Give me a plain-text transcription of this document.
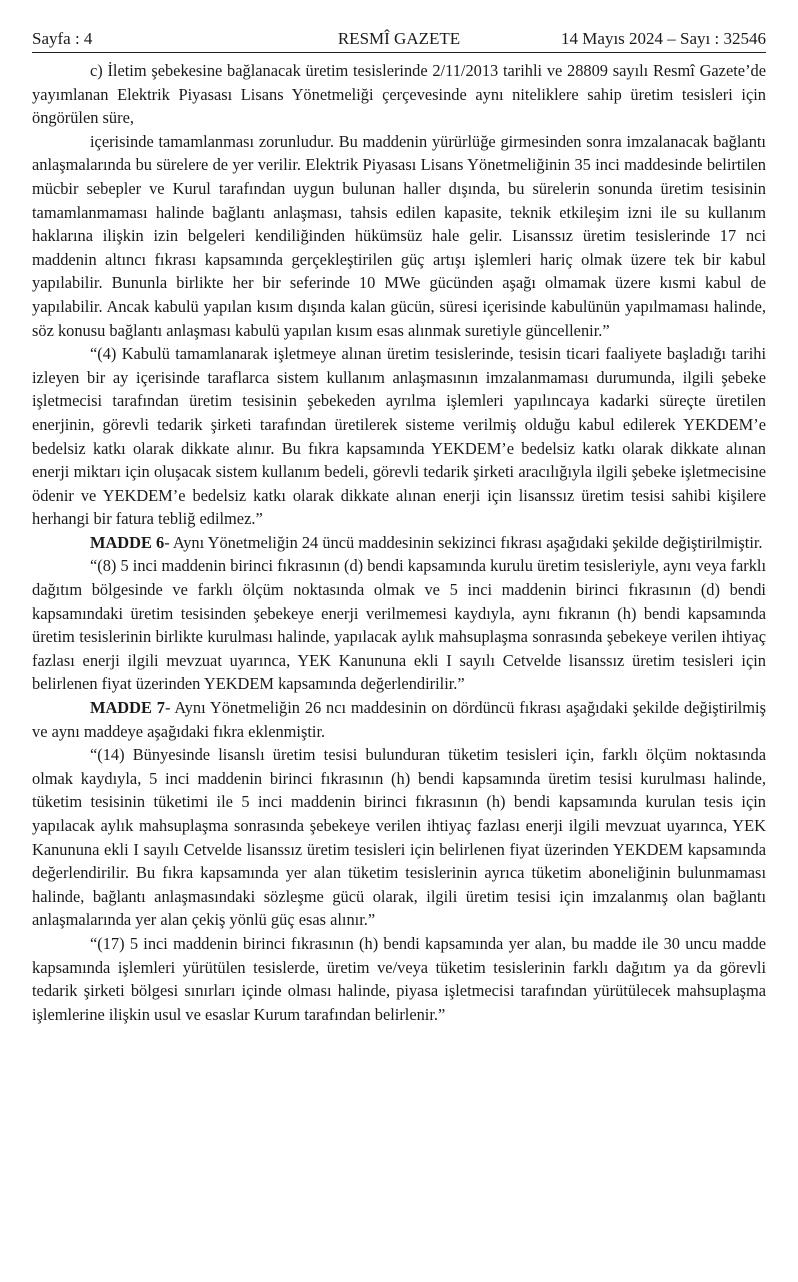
Sayfa : 4	RESMÎ GAZETE	14 Mayıs 2024 – Sayı : 32546

c) İletim şebekesine bağlanacak üretim tesislerinde 2/11/2013 tarihli ve 28809 sayılı Resmî Gazete’de yayımlanan Elektrik Piyasası Lisans Yönetmeliği çerçevesinde aynı niteliklere sahip üretim tesisleri için öngörülen süre,

içerisinde tamamlanması zorunludur. Bu maddenin yürürlüğe girmesinden sonra imzalanacak bağlantı anlaşmalarında bu sürelere de yer verilir. Elektrik Piyasası Lisans Yönetmeliğinin 35 inci maddesinde belirtilen mücbir sebepler ve Kurul tarafından uygun bulunan haller dışında, bu sürelerin sonunda üretim tesisinin tamamlanmaması halinde bağlantı anlaşması, tahsis edilen kapasite, teknik etkileşim izni ile su kullanım haklarına ilişkin izin belgeleri kendiliğinden hükümsüz hale gelir. Lisanssız üretim tesislerinde 17 nci maddenin altıncı fıkrası kapsamında gerçekleştirilen güç artışı işlemleri hariç olmak üzere tek bir kabul yapılabilir. Bununla birlikte her bir seferinde 10 MWe gücünden aşağı olmamak üzere kısmi kabul de yapılabilir. Ancak kabulü yapılan kısım dışında kalan gücün, süresi içerisinde kabulünün yapılmaması halinde, söz konusu bağlantı anlaşması kabulü yapılan kısım esas alınmak suretiyle güncellenir.”

“(4) Kabulü tamamlanarak işletmeye alınan üretim tesislerinde, tesisin ticari faaliyete başladığı tarihi izleyen bir ay içerisinde taraflarca sistem kullanım anlaşmasının imzalanmaması durumunda, ilgili şebeke işletmecisi tarafından üretim tesisinin şebekeden ayrılma işlemleri yapılıncaya kadarki süreçte üretilen enerjinin, görevli tedarik şirketi tarafından üretilerek sisteme verilmiş olduğu kabul edilerek YEKDEM’e bedelsiz katkı olarak dikkate alınır. Bu fıkra kapsamında YEKDEM’e bedelsiz katkı olarak dikkate alınan enerji miktarı için oluşacak sistem kullanım bedeli, görevli tedarik şirketi aracılığıyla ilgili şebeke işletmecisine ödenir ve YEKDEM’e bedelsiz katkı olarak dikkate alınan enerji için lisanssız üretim tesisi sahibi kişilere herhangi bir fatura tebliğ edilmez.”

MADDE 6- Aynı Yönetmeliğin 24 üncü maddesinin sekizinci fıkrası aşağıdaki şekilde değiştirilmiştir.

“(8) 5 inci maddenin birinci fıkrasının (d) bendi kapsamında kurulu üretim tesisleriyle, aynı veya farklı dağıtım bölgesinde ve farklı ölçüm noktasında olmak ve 5 inci maddenin birinci fıkrasının (d) bendi kapsamındaki üretim tesisinden şebekeye enerji verilmemesi kaydıyla, aynı fıkranın (h) bendi kapsamında üretim tesislerinin birlikte kurulması halinde, yapılacak aylık mahsuplaşma sonrasında şebekeye verilen ihtiyaç fazlası enerji ilgili mevzuat uyarınca, YEK Kanununa ekli I sayılı Cetvelde lisanssız üretim tesisleri için belirlenen fiyat üzerinden YEKDEM kapsamında değerlendirilir.”

MADDE 7- Aynı Yönetmeliğin 26 ncı maddesinin on dördüncü fıkrası aşağıdaki şekilde değiştirilmiş ve aynı maddeye aşağıdaki fıkra eklenmiştir.

“(14) Bünyesinde lisanslı üretim tesisi bulunduran tüketim tesisleri için, farklı ölçüm noktasında olmak kaydıyla, 5 inci maddenin birinci fıkrasının (h) bendi kapsamında üretim tesisi kurulması halinde, tüketim tesisinin tüketimi ile 5 inci maddenin birinci fıkrasının (h) bendi kapsamında kurulan tesis için yapılacak aylık mahsuplaşma sonrasında şebekeye verilen ihtiyaç fazlası enerji ilgili mevzuat uyarınca, YEK Kanununa ekli I sayılı Cetvelde lisanssız üretim tesisleri için belirlenen fiyat üzerinden YEKDEM kapsamında değerlendirilir. Bu fıkra kapsamında yer alan tüketim tesislerinin ayrıca tüketim aboneliğinin bulunmaması halinde, bağlantı anlaşmasındaki sözleşme gücü olarak, ilgili üretim tesisi için imzalanmış olan bağlantı anlaşmalarında yer alan çekiş yönlü güç esas alınır.”

“(17) 5 inci maddenin birinci fıkrasının (h) bendi kapsamında yer alan, bu madde ile 30 uncu madde kapsamında işlemleri yürütülen tesislerde, üretim ve/veya tüketim tesislerinin farklı dağıtım ya da görevli tedarik şirketi bölgesi sınırları içinde olması halinde, piyasa işletmecisi tarafından yürütülecek mahsuplaşma işlemlerine ilişkin usul ve esaslar Kurum tarafından belirlenir.”
